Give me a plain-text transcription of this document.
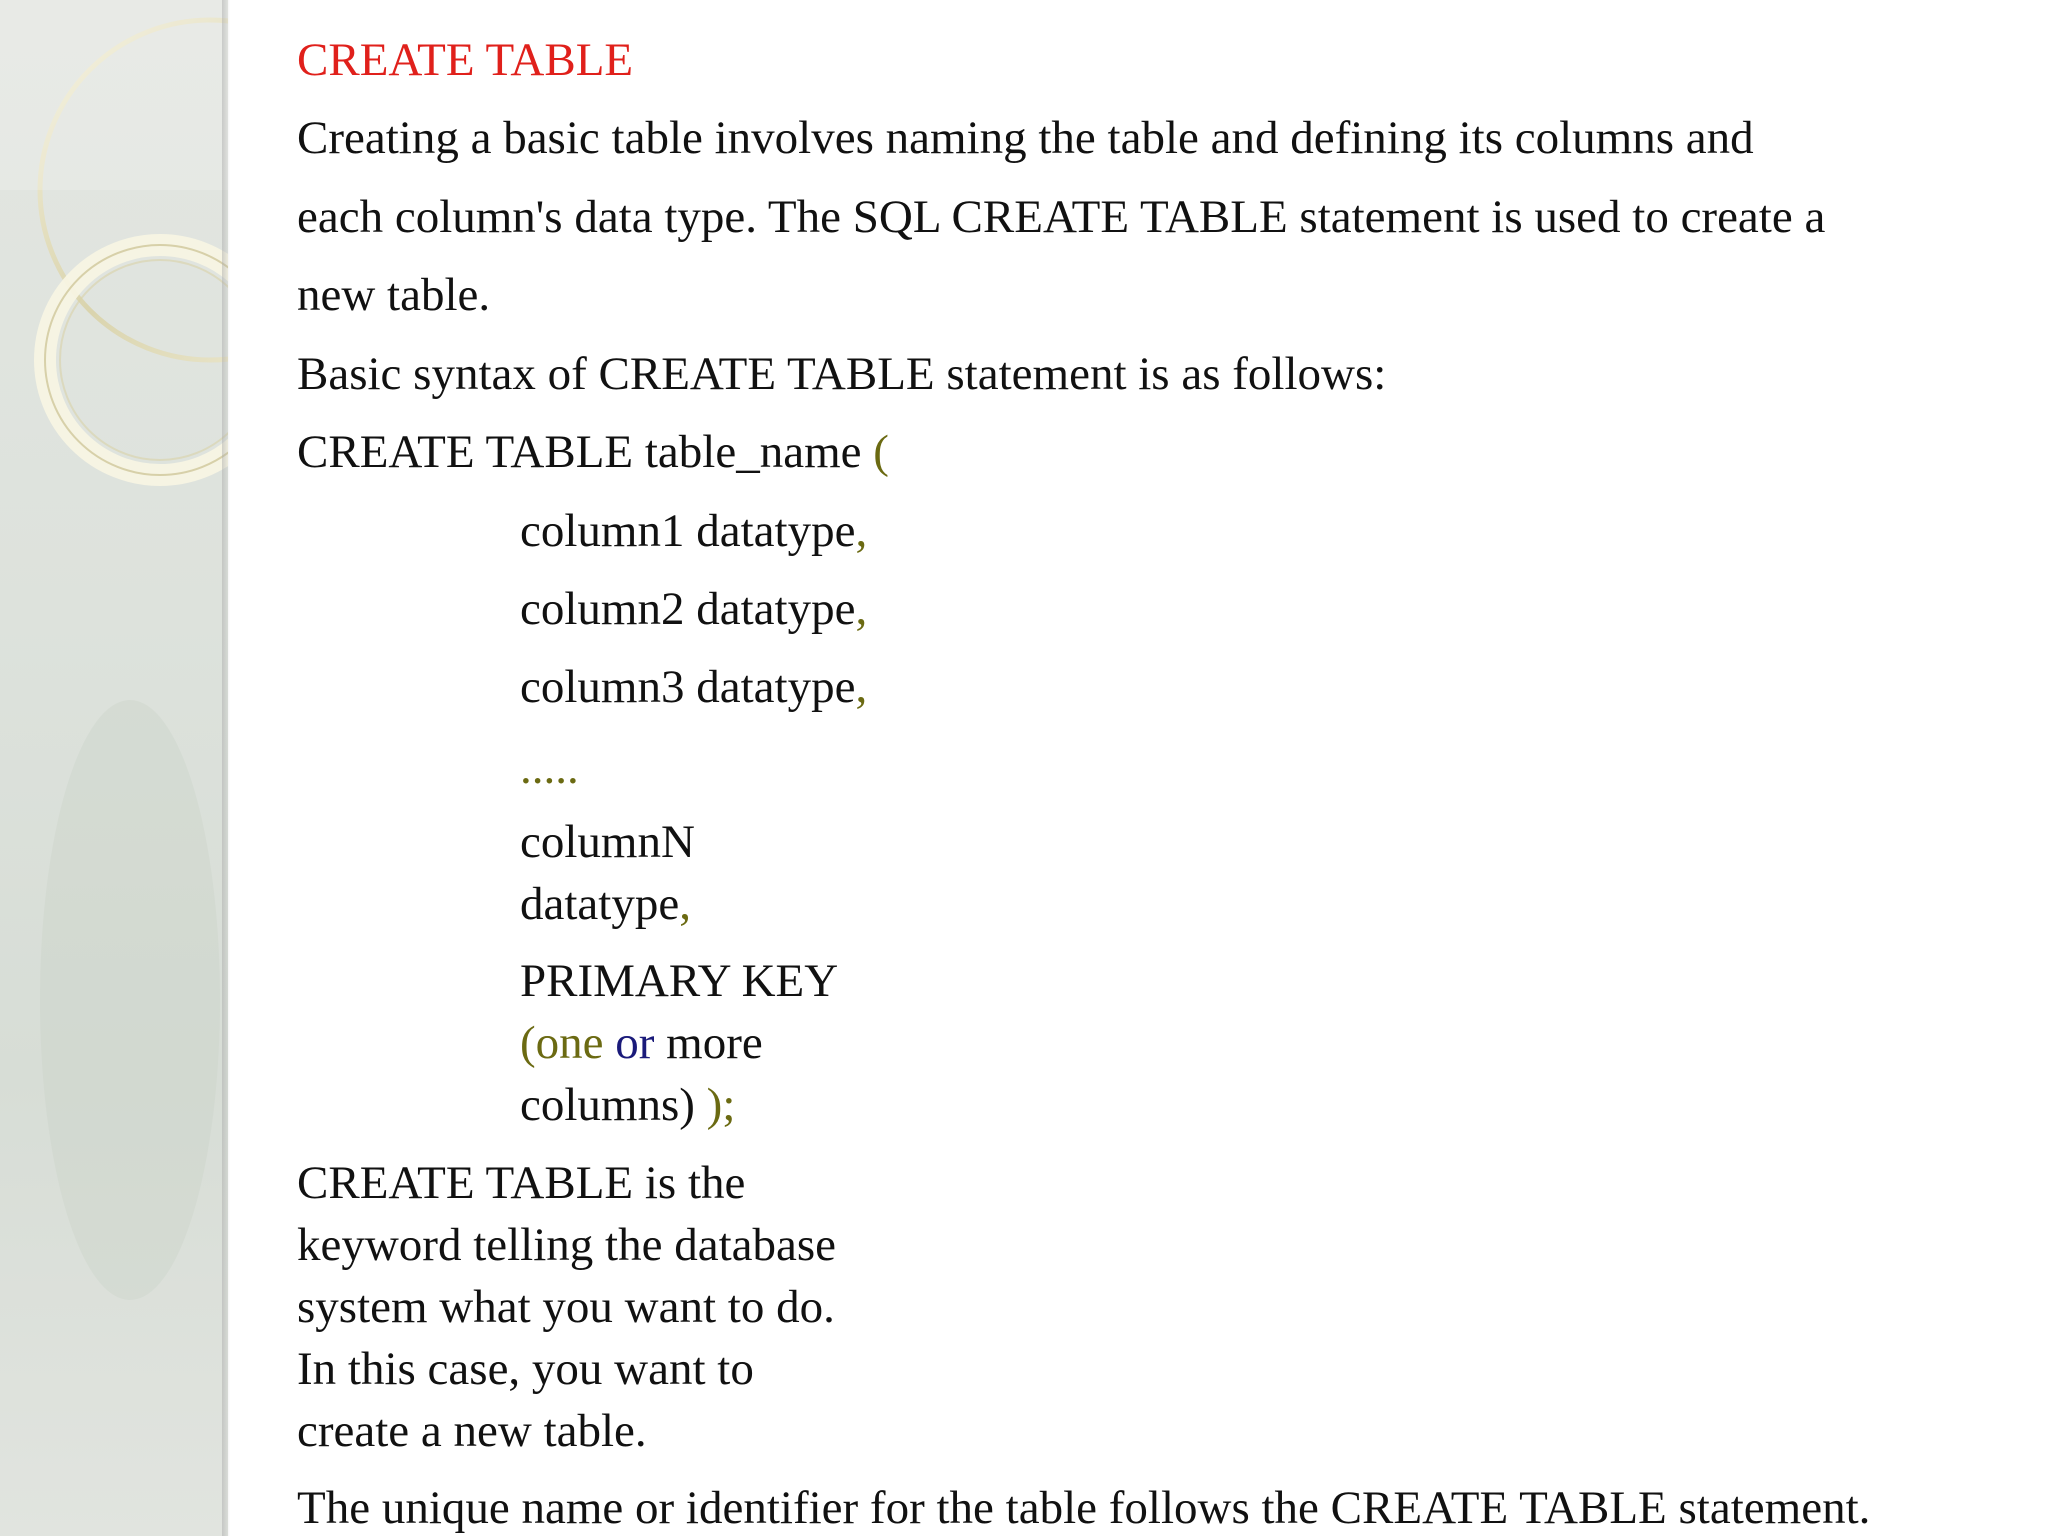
CREATE TABLE
Creating a basic table involves naming the table and defining its columns and
each column's data type. The SQL CREATE TABLE statement is used to create a
new table.
Basic syntax of CREATE TABLE statement is as follows:
CREATE TABLE table_name (
column1 datatype,
column2 datatype,
column3 datatype,
.....
columnN
datatype,
PRIMARY KEY
(one or more
columns) );
CREATE TABLE is the
keyword telling the database
system what you want to do.
In this case, you want to
create a new table.
The unique name or identifier for the table follows the CREATE TABLE statement.
